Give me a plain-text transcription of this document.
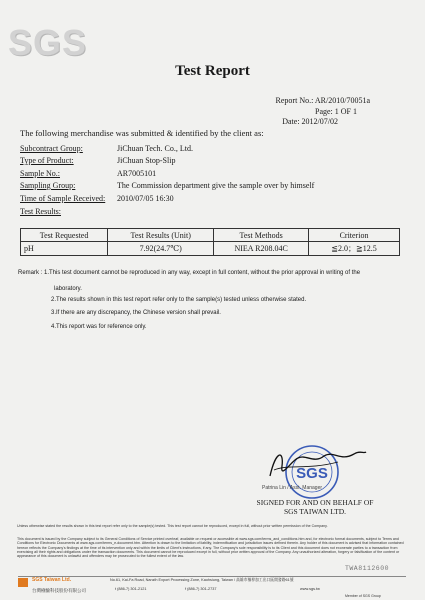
SGS
Test Report
Report No.: AR/2010/70051a
Page: 1 OF 1
Date: 2012/07/02
The following merchandise was submitted & identified by the client as:
Subcontract Group:	JiChuan Tech. Co., Ltd.
Type of Product:	JiChuan Stop-Slip
Sample No.:	AR7005101
Sampling Group:	The Commission department give the sample over by himself
Time of Sample Received: 2010/07/05 16:30
Test Results:
Test Requested	Test Results (Unit)	Test Methods	Criterion
pH	7.92(24.7℃)	NIEA R208.04C	≦2.0；≧12.5
Remark : 1.This test document cannot be reproduced in any way, except in full content, without the prior approval in writing of the
laboratory.
2.The results shown in this test report refer only to the sample(s) tested unless otherwise stated.
3.If there are any discrepancy, the Chinese version shall prevail.
4.This report was for reference only.
SGS
Patrina Lin / Asst. Manager
SIGNED FOR AND ON BEHALF OF
SGS TAIWAN LTD.
Unless otherwise stated the results shown in this test report refer only to the sample(s) tested. This test report cannot be reproduced, except in full, without prior written permission of the Company.
This document is issued by the Company subject to its General Conditions of Service printed overleaf, available on request or accessible at www.sgs.com/terms_and_conditions.htm and, for electronic format documents, subject to Terms and Conditions for Electronic Documents at www.sgs.com/terms_e-document.htm. Attention is drawn to the limitation of liability, indemnification and jurisdiction issues defined therein. Any holder of this document is advised that information contained hereon reflects the Company's findings at the time of its intervention only and within the limits of Client's instructions, if any. The Company's sole responsibility is to its Client and this document does not exonerate parties to a transaction from exercising all their rights and obligations under the transaction documents. This document cannot be reproduced except in full, without prior written approval of the Company. Any unauthorized alteration, forgery or falsification of the content or appearance of this document is unlawful and offenders may be prosecuted to the fullest extent of the law.
TWA8112600
SGS Taiwan Ltd.
台灣檢驗科技股份有限公司
No.61, Kai-Fa Road, Nanzih Export Processing Zone, Kaohsiung, Taiwan / 高雄市楠梓加工出口區開發路61號
t (886-7) 301-2121	f (886-7) 301-2737	www.sgs.tw
Member of SGS Group
